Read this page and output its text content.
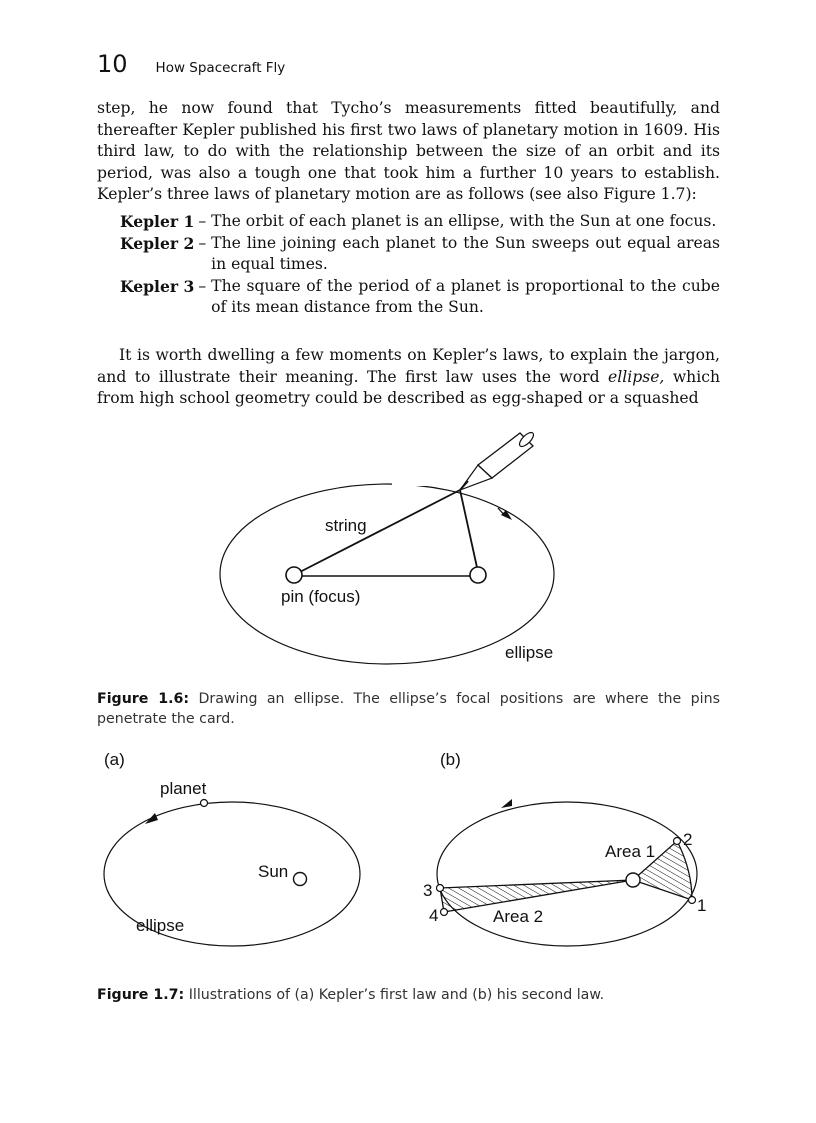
10 How Spacecraft Fly

step, he now found that Tycho’s measurements fitted beautifully, and thereafter Kepler published his first two laws of planetary motion in 1609. His third law, to do with the relationship between the size of an orbit and its period, was also a tough one that took him a further 10 years to establish. Kepler’s three laws of planetary motion are as follows (see also Figure 1.7):

Kepler 1 – The orbit of each planet is an ellipse, with the Sun at one focus.
Kepler 2 – The line joining each planet to the Sun sweeps out equal areas in equal times.
Kepler 3 – The square of the period of a planet is proportional to the cube of its mean distance from the Sun.

It is worth dwelling a few moments on Kepler’s laws, to explain the jargon, and to illustrate their meaning. The first law uses the word ellipse, which from high school geometry could be described as egg-shaped or a squashed

string
pin (focus)
ellipse
(a)
planet
Sun
ellipse
(b)
Area 1
Area 2
2
1
3
4

Figure 1.6: Drawing an ellipse. The ellipse’s focal positions are where the pins penetrate the card.

Figure 1.7: Illustrations of (a) Kepler’s first law and (b) his second law.
